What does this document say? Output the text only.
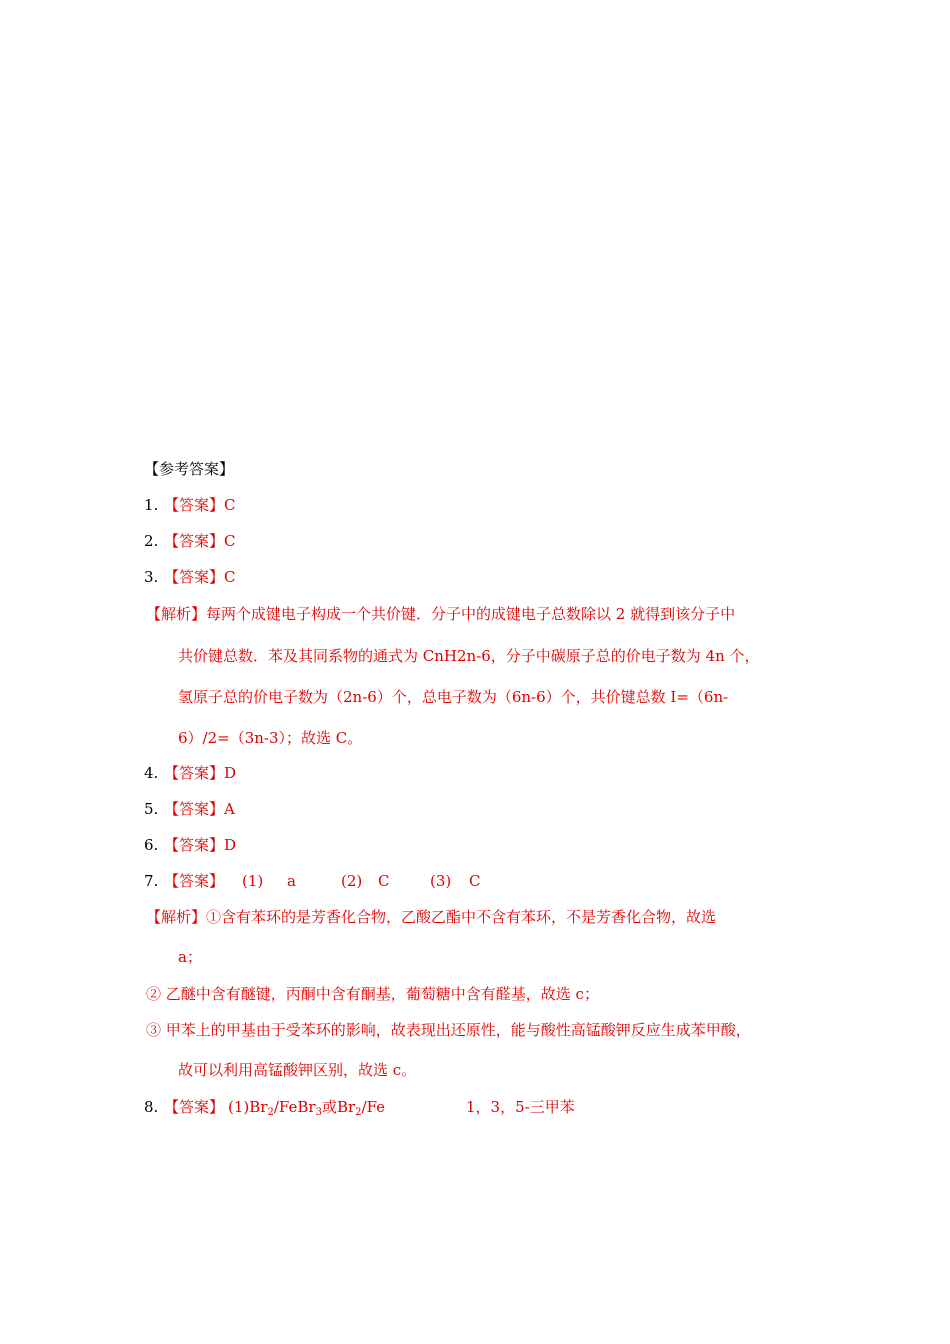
【参考答案】
1. 【答案】C
2. 【答案】C
3. 【答案】C
【解析】每两个成键电子构成一个共价键．分子中的成键电子总数除以 2 就得到该分子中
共价键总数．苯及其同系物的通式为 CnH2n-6，分子中碳原子总的价电子数为 4n 个，
氢原子总的价电子数为（2n-6）个，总电子数为（6n-6）个，共价键总数 I=（6n-
6）/2=（3n-3）；故选 C。
4. 【答案】D
5. 【答案】A
6. 【答案】D
7. 【答案】 (1) a	(2) C	(3) C
【解析】①含有苯环的是芳香化合物，乙酸乙酯中不含有苯环，不是芳香化合物，故选
a；
② 乙醚中含有醚键，丙酮中含有酮基，葡萄糖中含有醛基，故选 c；
③ 甲苯上的甲基由于受苯环的影响，故表现出还原性，能与酸性高锰酸钾反应生成苯甲酸，
故可以利用高锰酸钾区别，故选 c。
8. 【答案】 $(1)Br_2/FeBr_3$或$Br_2/Fe$	1，3，5-三甲苯
